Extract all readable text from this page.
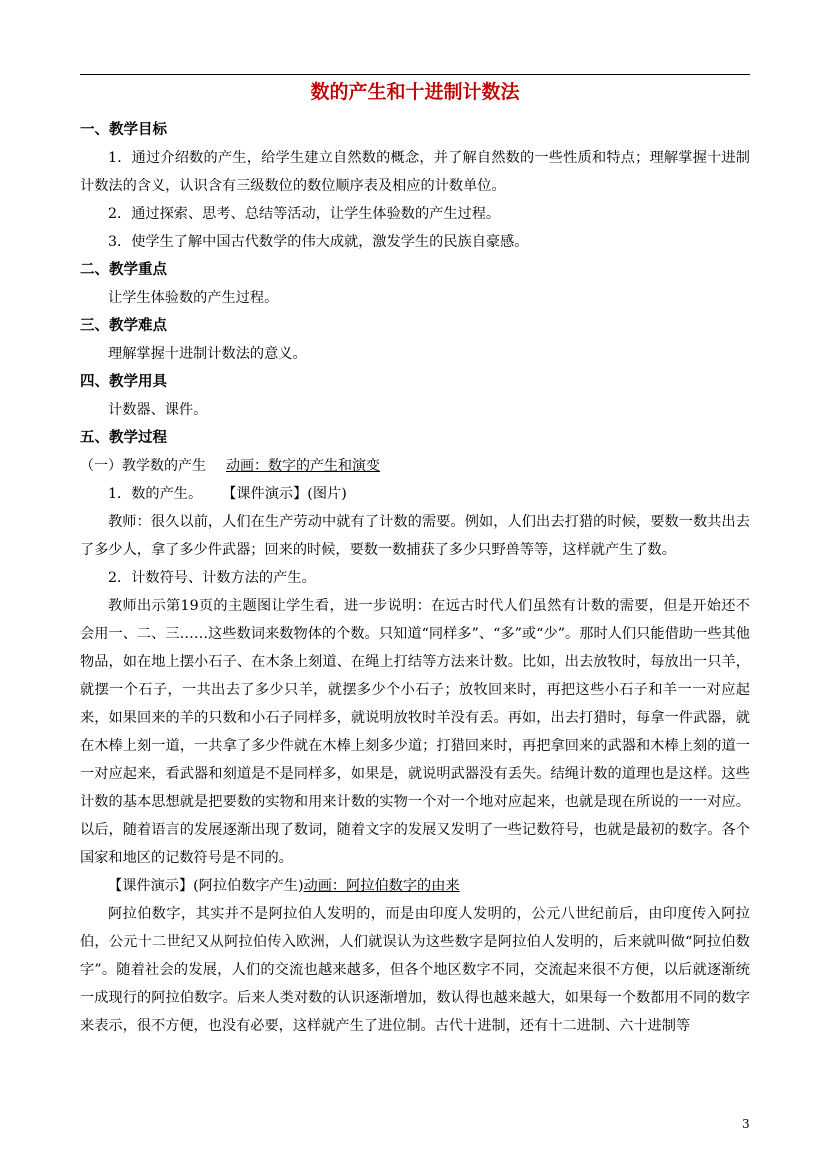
数的产生和十进制计数法

一、教学目标

1．通过介绍数的产生，给学生建立自然数的概念，并了解自然数的一些性质和特点；理解掌握十进制计数法的含义，认识含有三级数位的数位顺序表及相应的计数单位。

2．通过探索、思考、总结等活动，让学生体验数的产生过程。

3．使学生了解中国古代数学的伟大成就，激发学生的民族自豪感。

二、教学重点

让学生体验数的产生过程。

三、教学难点

理解掌握十进制计数法的意义。

四、教学用具

计数器、课件。

五、教学过程

（一）教学数的产生 动画：数字的产生和演变

1．数的产生。 【课件演示】(图片)

教师：很久以前，人们在生产劳动中就有了计数的需要。例如，人们出去打猎的时候，要数一数共出去了多少人，拿了多少件武器；回来的时候，要数一数捕获了多少只野兽等等，这样就产生了数。

2．计数符号、计数方法的产生。

教师出示第19页的主题图让学生看，进一步说明：在远古时代人们虽然有计数的需要，但是开始还不会用一、二、三……这些数词来数物体的个数。只知道“同样多”、“多”或“少”。那时人们只能借助一些其他物品，如在地上摆小石子、在木条上刻道、在绳上打结等方法来计数。比如，出去放牧时，每放出一只羊，就摆一个石子，一共出去了多少只羊，就摆多少个小石子；放牧回来时，再把这些小石子和羊一一对应起来，如果回来的羊的只数和小石子同样多，就说明放牧时羊没有丢。再如，出去打猎时，每拿一件武器，就在木棒上刻一道，一共拿了多少件就在木棒上刻多少道；打猎回来时，再把拿回来的武器和木棒上刻的道一一对应起来，看武器和刻道是不是同样多，如果是，就说明武器没有丢失。结绳计数的道理也是这样。这些计数的基本思想就是把要数的实物和用来计数的实物一个对一个地对应起来，也就是现在所说的一一对应。以后，随着语言的发展逐渐出现了数词，随着文字的发展又发明了一些记数符号，也就是最初的数字。各个国家和地区的记数符号是不同的。

【课件演示】(阿拉伯数字产生)动画：阿拉伯数字的由来

阿拉伯数字，其实并不是阿拉伯人发明的，而是由印度人发明的，公元八世纪前后，由印度传入阿拉伯，公元十二世纪又从阿拉伯传入欧洲，人们就误认为这些数字是阿拉伯人发明的，后来就叫做“阿拉伯数字”。随着社会的发展，人们的交流也越来越多，但各个地区数字不同，交流起来很不方便，以后就逐渐统一成现行的阿拉伯数字。后来人类对数的认识逐渐增加，数认得也越来越大，如果每一个数都用不同的数字来表示，很不方便，也没有必要，这样就产生了进位制。古代十进制，还有十二进制、六十进制等

3
